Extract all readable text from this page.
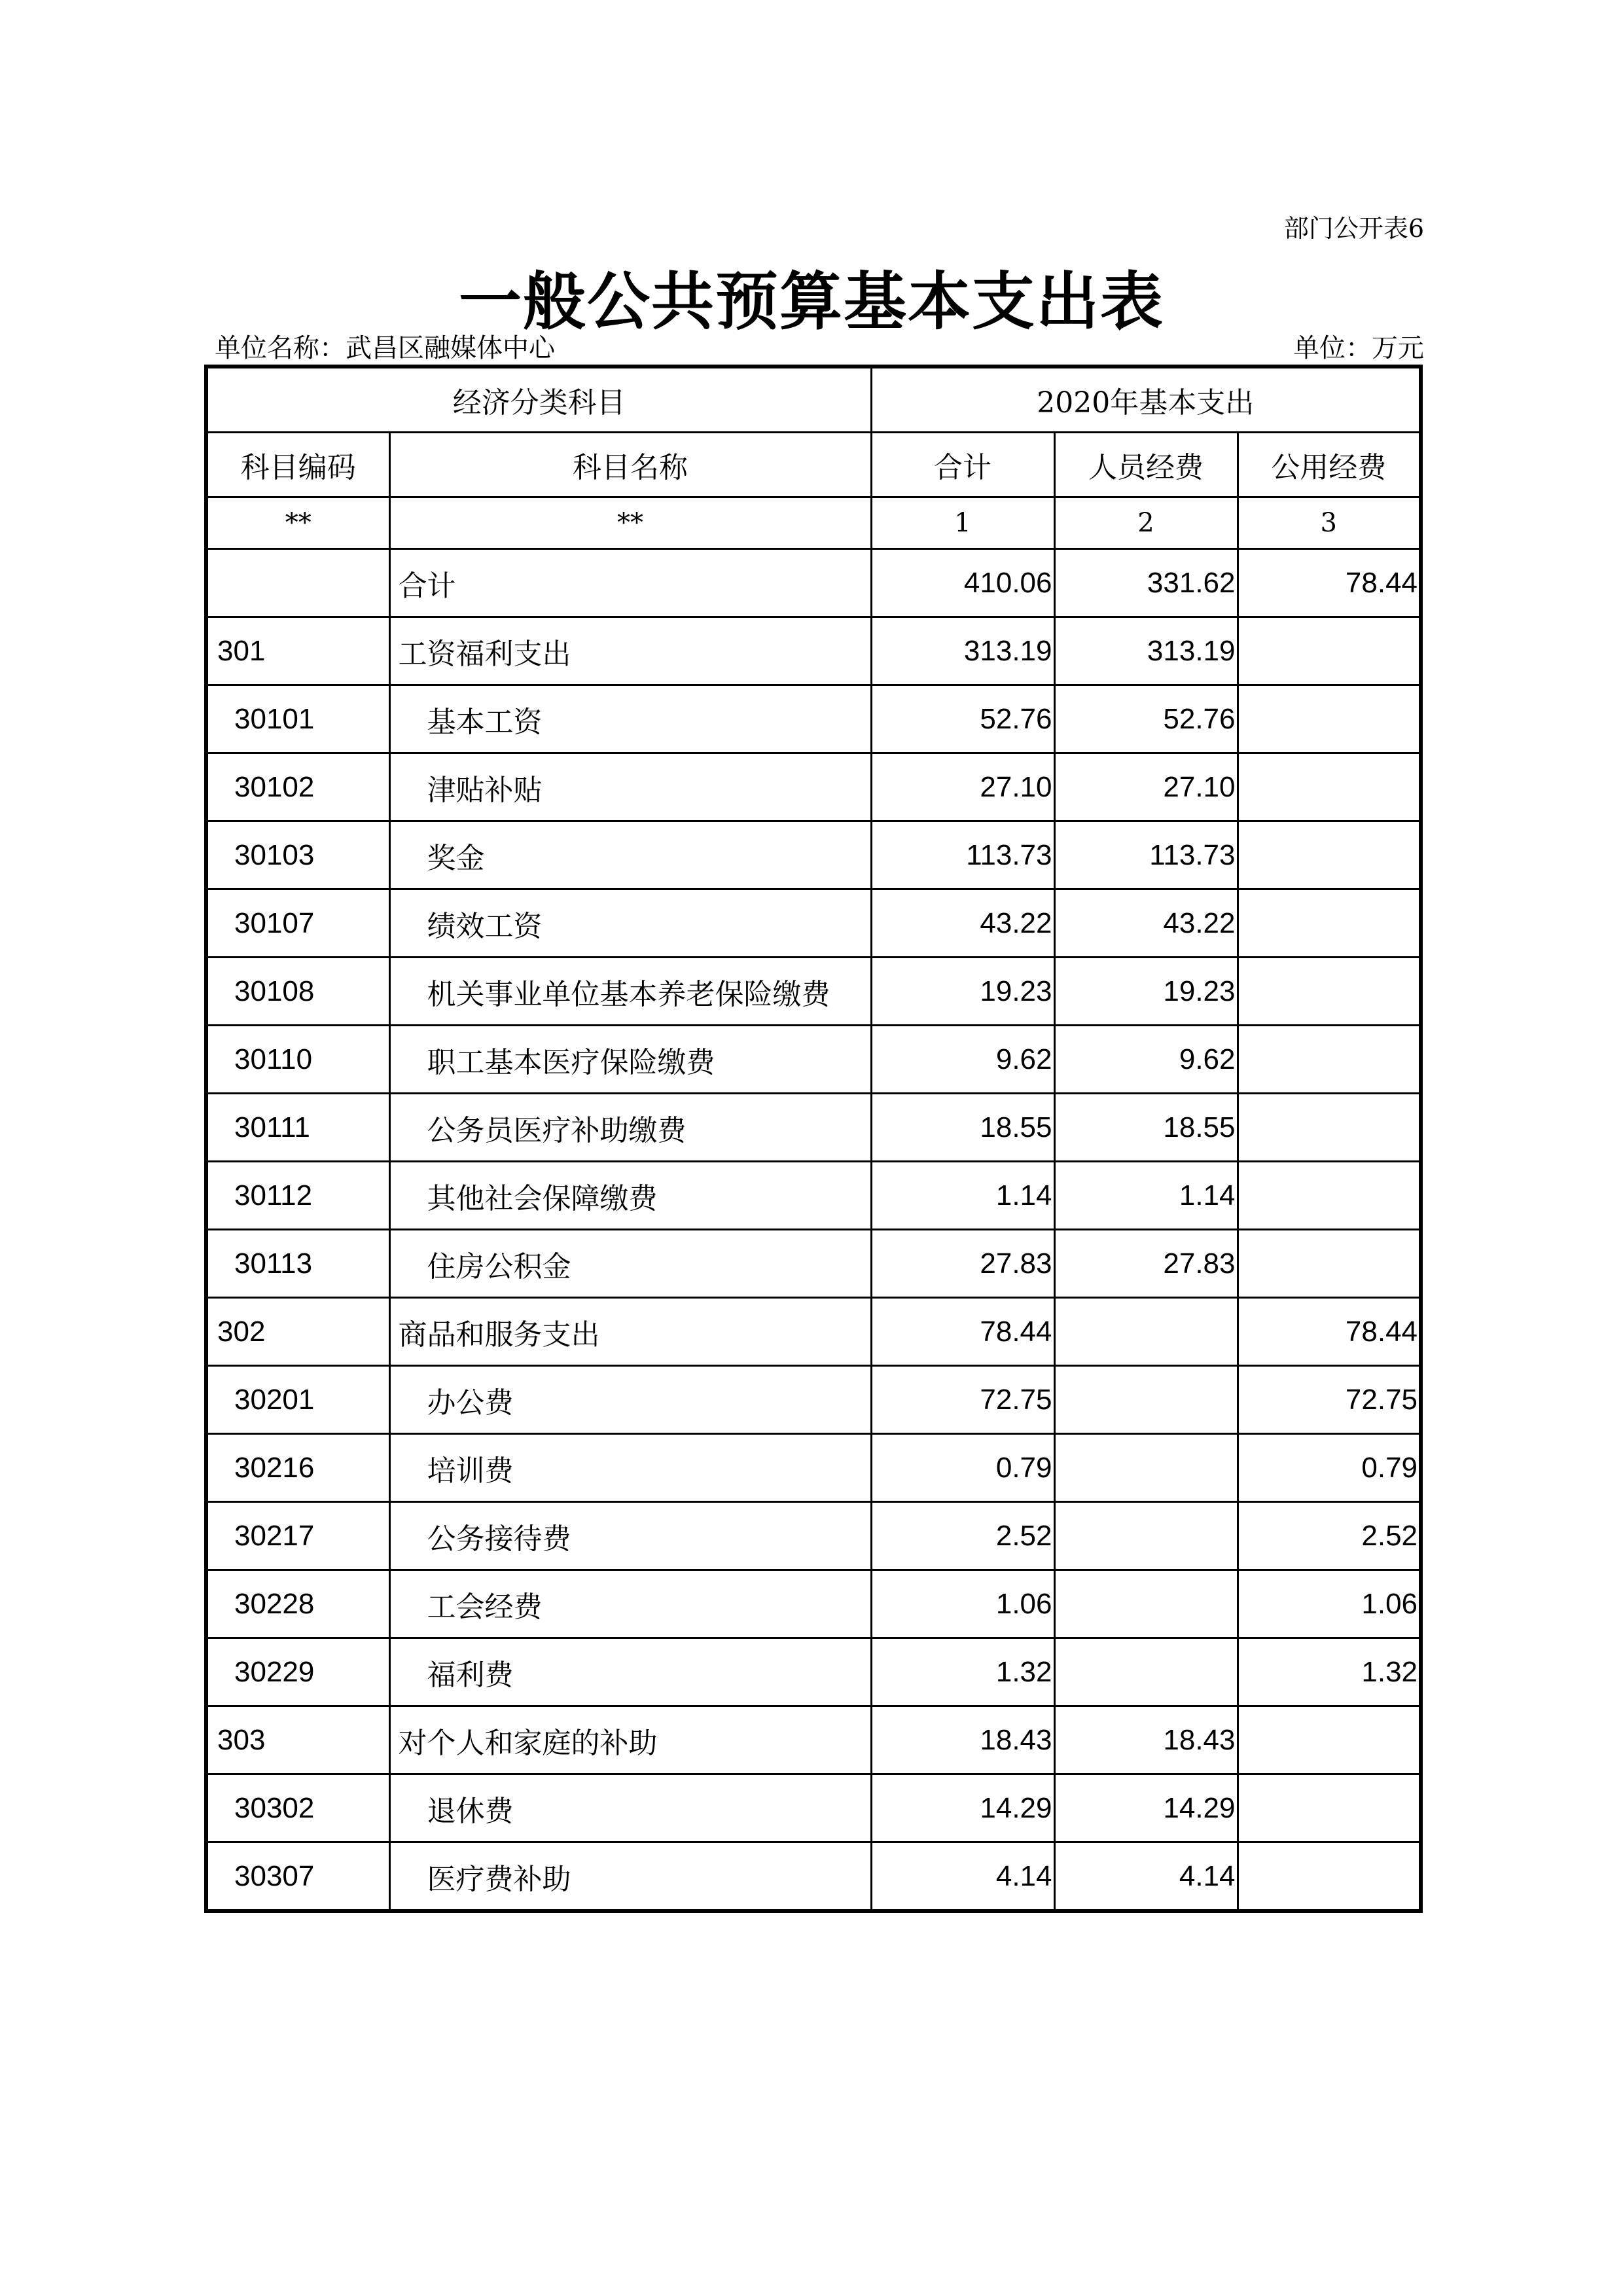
部门公开表6
一般公共预算基本支出表
单位名称：武昌区融媒体中心	单位：万元
经济分类科目		2020年基本支出		
科目编码	科目名称	合计	人员经费	公用经费
**	**	1	2	3
	合计	410.06	331.62	78.44
301	工资福利支出	313.19	313.19	
30101	基本工资	52.76	52.76	
30102	津贴补贴	27.10	27.10	
30103	奖金	113.73	113.73	
30107	绩效工资	43.22	43.22	
30108	机关事业单位基本养老保险缴费	19.23	19.23	
30110	职工基本医疗保险缴费	9.62	9.62	
30111	公务员医疗补助缴费	18.55	18.55	
30112	其他社会保障缴费	1.14	1.14	
30113	住房公积金	27.83	27.83	
302	商品和服务支出	78.44		78.44
30201	办公费	72.75		72.75
30216	培训费	0.79		0.79
30217	公务接待费	2.52		2.52
30228	工会经费	1.06		1.06
30229	福利费	1.32		1.32
303	对个人和家庭的补助	18.43	18.43	
30302	退休费	14.29	14.29	
30307	医疗费补助	4.14	4.14	
